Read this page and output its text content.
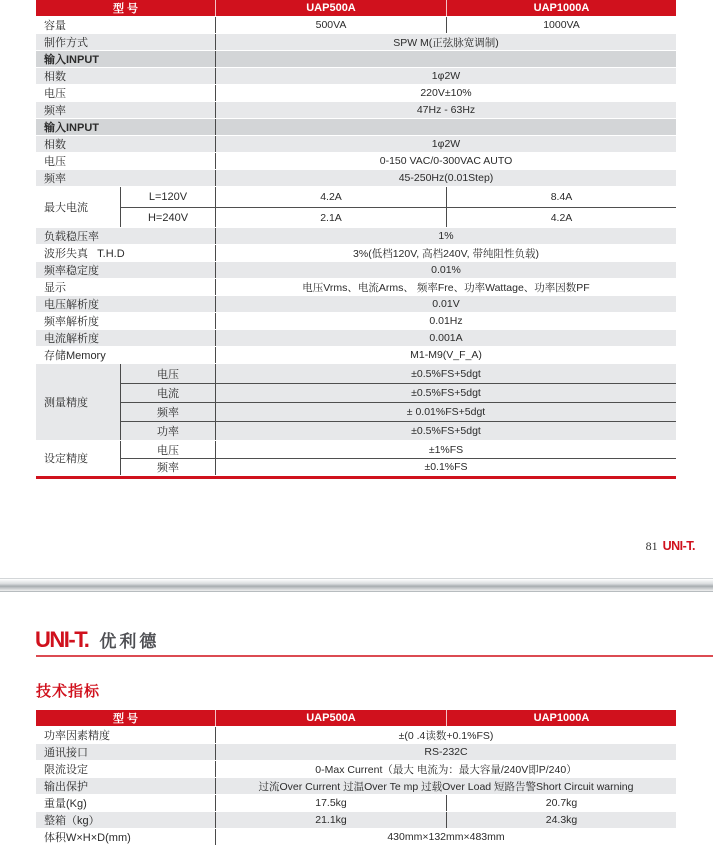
型 号	UAP500A	UAP1000A
容量	500VA	1000VA
制作方式	SPW M(正弦脉宽调制)
输入INPUT
相数	1φ2W
电压	220V±10%
频率	47Hz - 63Hz
输入INPUT
相数	1φ2W
电压	0-150 VAC/0-300VAC AUTO
频率	45-250Hz(0.01Step)
最大电流
L=120V	4.2A	8.4A
H=240V	2.1A	4.2A
负载稳压率	1%
波形失真   T.H.D	3%(低档120V, 高档240V, 带纯阻性负载)
频率稳定度	0.01%
显示	电压Vrms、电流Arms、 频率Fre、功率Wattage、功率因数PF
电压解析度	0.01V
频率解析度	0.01Hz
电流解析度	0.001A
存储Memory	M1-M9(V_F_A)
测量精度
电压	±0.5%FS+5dgt
电流	±0.5%FS+5dgt
频率	± 0.01%FS+5dgt
功率	±0.5%FS+5dgt
设定精度
电压	±1%FS
频率	±0.1%FS
81 UNI-T.
UNI-T. 优利德
技术指标
型 号	UAP500A	UAP1000A
功率因素精度	±(0 .4读数+0.1%FS)
通讯接口	RS-232C
限流设定	0-Max Current（最大 电流为：最大容量/240V即P/240）
输出保护	过流Over Current 过温Over Te mp 过载Over Load 短路告警Short Circuit warning
重量(Kg)	17.5kg	20.7kg
整箱（kg）	21.1kg	24.3kg
体积W×H×D(mm)	430mm×132mm×483mm
